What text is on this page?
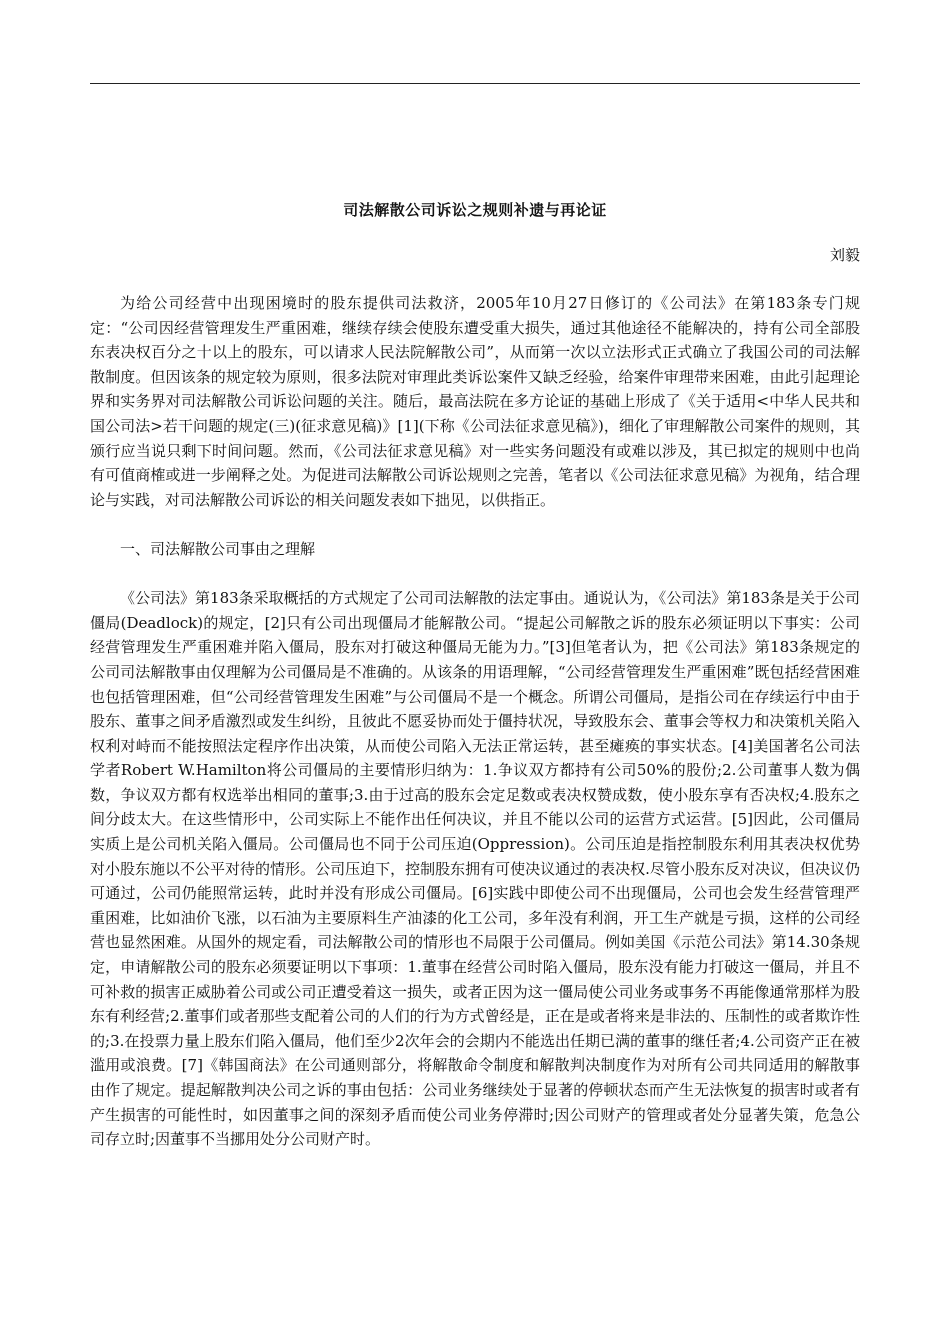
司法解散公司诉讼之规则补遗与再论证
刘毅

为给公司经营中出现困境时的股东提供司法救济，2005年10月27日修订的《公司法》在第183条专门规定：“公司因经营管理发生严重困难，继续存续会使股东遭受重大损失，通过其他途径不能解决的，持有公司全部股东表决权百分之十以上的股东，可以请求人民法院解散公司”，从而第一次以立法形式正式确立了我国公司的司法解散制度。但因该条的规定较为原则，很多法院对审理此类诉讼案件又缺乏经验，给案件审理带来困难，由此引起理论界和实务界对司法解散公司诉讼问题的关注。随后，最高法院在多方论证的基础上形成了《关于适用<中华人民共和国公司法>若干问题的规定(三)(征求意见稿)》[1](下称《公司法征求意见稿》)，细化了审理解散公司案件的规则，其颁行应当说只剩下时间问题。然而，《公司法征求意见稿》对一些实务问题没有或难以涉及，其已拟定的规则中也尚有可值商榷或进一步阐释之处。为促进司法解散公司诉讼规则之完善，笔者以《公司法征求意见稿》为视角，结合理论与实践，对司法解散公司诉讼的相关问题发表如下拙见，以供指正。

一、司法解散公司事由之理解

《公司法》第183条采取概括的方式规定了公司司法解散的法定事由。通说认为，《公司法》第183条是关于公司僵局(Deadlock)的规定，[2]只有公司出现僵局才能解散公司。“提起公司解散之诉的股东必须证明以下事实：公司经营管理发生严重困难并陷入僵局，股东对打破这种僵局无能为力。”[3]但笔者认为，把《公司法》第183条规定的公司司法解散事由仅理解为公司僵局是不准确的。从该条的用语理解，“公司经营管理发生严重困难”既包括经营困难也包括管理困难，但“公司经营管理发生困难”与公司僵局不是一个概念。所谓公司僵局，是指公司在存续运行中由于股东、董事之间矛盾激烈或发生纠纷，且彼此不愿妥协而处于僵持状况，导致股东会、董事会等权力和决策机关陷入权利对峙而不能按照法定程序作出决策，从而使公司陷入无法正常运转，甚至瘫痪的事实状态。[4]美国著名公司法学者Robert W.Hamilton将公司僵局的主要情形归纳为：1.争议双方都持有公司50%的股份;2.公司董事人数为偶数，争议双方都有权选举出相同的董事;3.由于过高的股东会定足数或表决权赞成数，使小股东享有否决权;4.股东之间分歧太大。在这些情形中，公司实际上不能作出任何决议，并且不能以公司的运营方式运营。[5]因此，公司僵局实质上是公司机关陷入僵局。公司僵局也不同于公司压迫(Oppression)。公司压迫是指控制股东利用其表决权优势对小股东施以不公平对待的情形。公司压迫下，控制股东拥有可使决议通过的表决权.尽管小股东反对决议，但决议仍可通过，公司仍能照常运转，此时并没有形成公司僵局。[6]实践中即使公司不出现僵局，公司也会发生经营管理严重困难，比如油价飞涨，以石油为主要原料生产油漆的化工公司，多年没有利润，开工生产就是亏损，这样的公司经营也显然困难。从国外的规定看，司法解散公司的情形也不局限于公司僵局。例如美国《示范公司法》第14.30条规定，申请解散公司的股东必须要证明以下事项：1.董事在经营公司时陷入僵局，股东没有能力打破这一僵局，并且不可补救的损害正威胁着公司或公司正遭受着这一损失，或者正因为这一僵局使公司业务或事务不再能像通常那样为股东有利经营;2.董事们或者那些支配着公司的人们的行为方式曾经是，正在是或者将来是非法的、压制性的或者欺诈性的;3.在投票力量上股东们陷入僵局，他们至少2次年会的会期内不能选出任期已满的董事的继任者;4.公司资产正在被滥用或浪费。[7]《韩国商法》在公司通则部分，将解散命令制度和解散判决制度作为对所有公司共同适用的解散事由作了规定。提起解散判决公司之诉的事由包括：公司业务继续处于显著的停顿状态而产生无法恢复的损害时或者有产生损害的可能性时，如因董事之间的深刻矛盾而使公司业务停滞时;因公司财产的管理或者处分显著失策，危急公司存立时;因董事不当挪用处分公司财产时。
